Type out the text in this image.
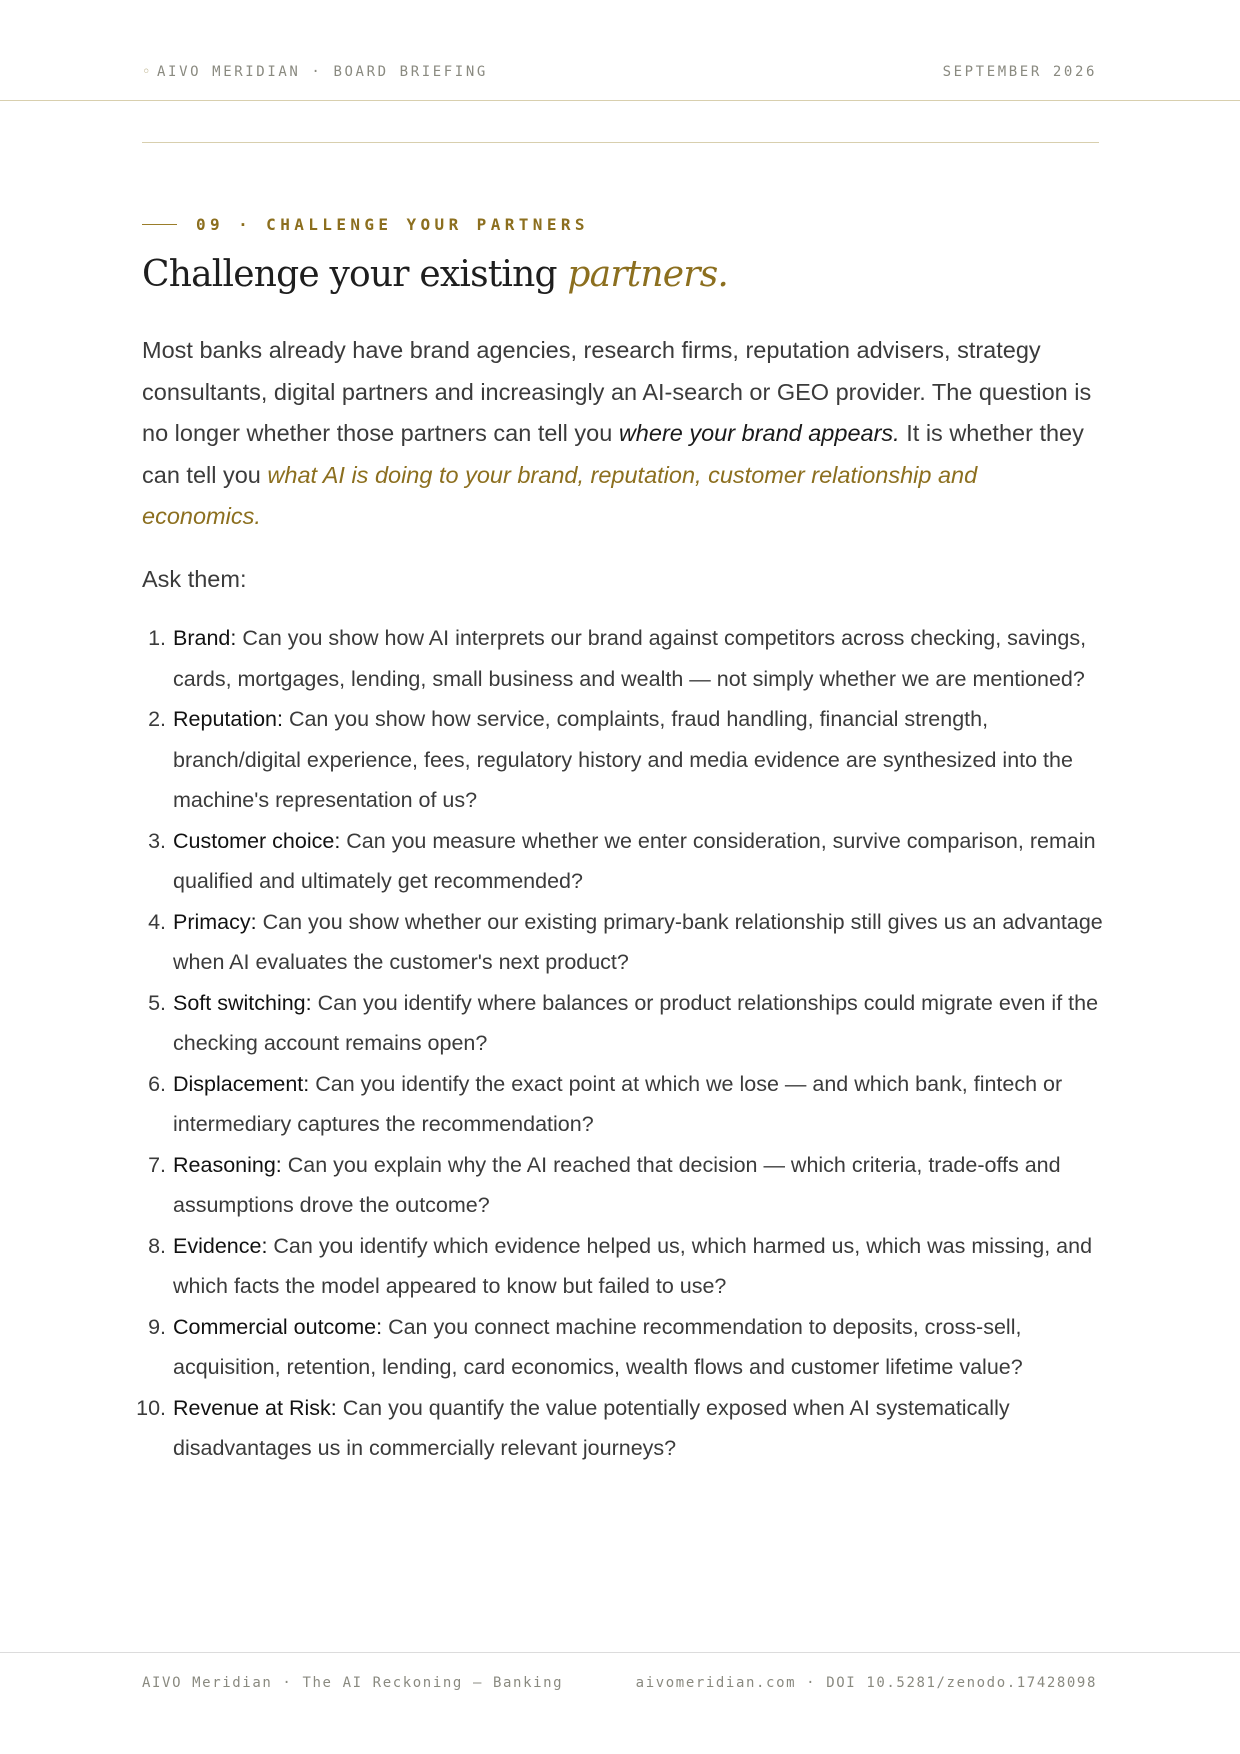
◦ AIVO MERIDIAN · BOARD BRIEFING	SEPTEMBER 2026
09 · CHALLENGE YOUR PARTNERS
Challenge your existing partners.

Most banks already have brand agencies, research firms, reputation advisers, strategy consultants, digital partners and increasingly an AI-search or GEO provider. The question is no longer whether those partners can tell you where your brand appears. It is whether they can tell you what AI is doing to your brand, reputation, customer relationship and economics.

Ask them:

1. Brand: Can you show how AI interprets our brand against competitors across checking, savings, cards, mortgages, lending, small business and wealth — not simply whether we are mentioned?
2. Reputation: Can you show how service, complaints, fraud handling, financial strength, branch/digital experience, fees, regulatory history and media evidence are synthesized into the machine's representation of us?
3. Customer choice: Can you measure whether we enter consideration, survive comparison, remain qualified and ultimately get recommended?
4. Primacy: Can you show whether our existing primary-bank relationship still gives us an advantage when AI evaluates the customer's next product?
5. Soft switching: Can you identify where balances or product relationships could migrate even if the checking account remains open?
6. Displacement: Can you identify the exact point at which we lose — and which bank, fintech or intermediary captures the recommendation?
7. Reasoning: Can you explain why the AI reached that decision — which criteria, trade-offs and assumptions drove the outcome?
8. Evidence: Can you identify which evidence helped us, which harmed us, which was missing, and which facts the model appeared to know but failed to use?
9. Commercial outcome: Can you connect machine recommendation to deposits, cross-sell, acquisition, retention, lending, card economics, wealth flows and customer lifetime value?
10. Revenue at Risk: Can you quantify the value potentially exposed when AI systematically disadvantages us in commercially relevant journeys?
AIVO Meridian · The AI Reckoning — Banking	aivomeridian.com · DOI 10.5281/zenodo.17428098
